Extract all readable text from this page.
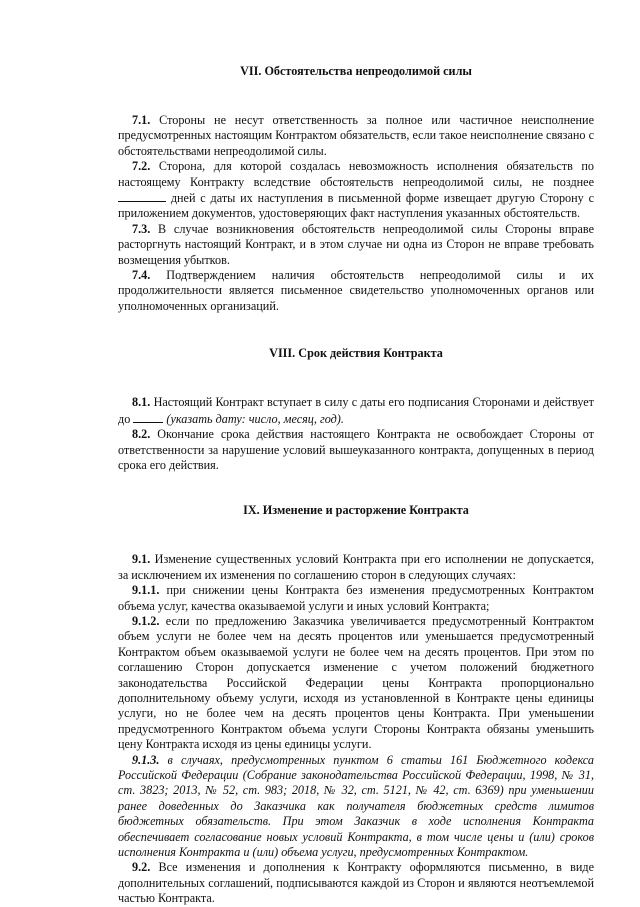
VII. Обстоятельства непреодолимой силы

7.1. Стороны не несут ответственность за полное или частичное неисполнение предусмотренных настоящим Контрактом обязательств, если такое неисполнение связано с обстоятельствами непреодолимой силы.

7.2. Сторона, для которой создалась невозможность исполнения обязательств по настоящему Контракту вследствие обстоятельств непреодолимой силы, не позднее  дней с даты их наступления в письменной форме извещает другую Сторону с приложением документов, удостоверяющих факт наступления указанных обстоятельств.

7.3. В случае возникновения обстоятельств непреодолимой силы Стороны вправе расторгнуть настоящий Контракт, и в этом случае ни одна из Сторон не вправе требовать возмещения убытков.

7.4. Подтверждением наличия обстоятельств непреодолимой силы и их продолжительности является письменное свидетельство уполномоченных органов или уполномоченных организаций.

VIII. Срок действия Контракта

8.1. Настоящий Контракт вступает в силу с даты его подписания Сторонами и действует до  (указать дату: число, месяц, год).

8.2. Окончание срока действия настоящего Контракта не освобождает Стороны от ответственности за нарушение условий вышеуказанного контракта, допущенных в период срока его действия.

IX. Изменение и расторжение Контракта

9.1. Изменение существенных условий Контракта при его исполнении не допускается, за исключением их изменения по соглашению сторон в следующих случаях:

9.1.1. при снижении цены Контракта без изменения предусмотренных Контрактом объема услуг, качества оказываемой услуги и иных условий Контракта;

9.1.2. если по предложению Заказчика увеличивается предусмотренный Контрактом объем услуги не более чем на десять процентов или уменьшается предусмотренный Контрактом объем оказываемой услуги не более чем на десять процентов. При этом по соглашению Сторон допускается изменение с учетом положений бюджетного законодательства Российской Федерации цены Контракта пропорционально дополнительному объему услуги, исходя из установленной в Контракте цены единицы услуги, но не более чем на десять процентов цены Контракта. При уменьшении предусмотренного Контрактом объема услуги Стороны Контракта обязаны уменьшить цену Контракта исходя из цены единицы услуги.

9.1.3. в случаях, предусмотренных пунктом 6 статьи 161 Бюджетного кодекса Российской Федерации (Собрание законодательства Российской Федерации, 1998, № 31, ст. 3823; 2013, № 52, ст. 983; 2018, № 32, ст. 5121, № 42, ст. 6369) при уменьшении ранее доведенных до Заказчика как получателя бюджетных средств лимитов бюджетных обязательств. При этом Заказчик в ходе исполнения Контракта обеспечивает согласование новых условий Контракта, в том числе цены и (или) сроков исполнения Контракта и (или) объема услуги, предусмотренных Контрактом.

9.2. Все изменения и дополнения к Контракту оформляются письменно, в виде дополнительных соглашений, подписываются каждой из Сторон и являются неотъемлемой частью Контракта.
